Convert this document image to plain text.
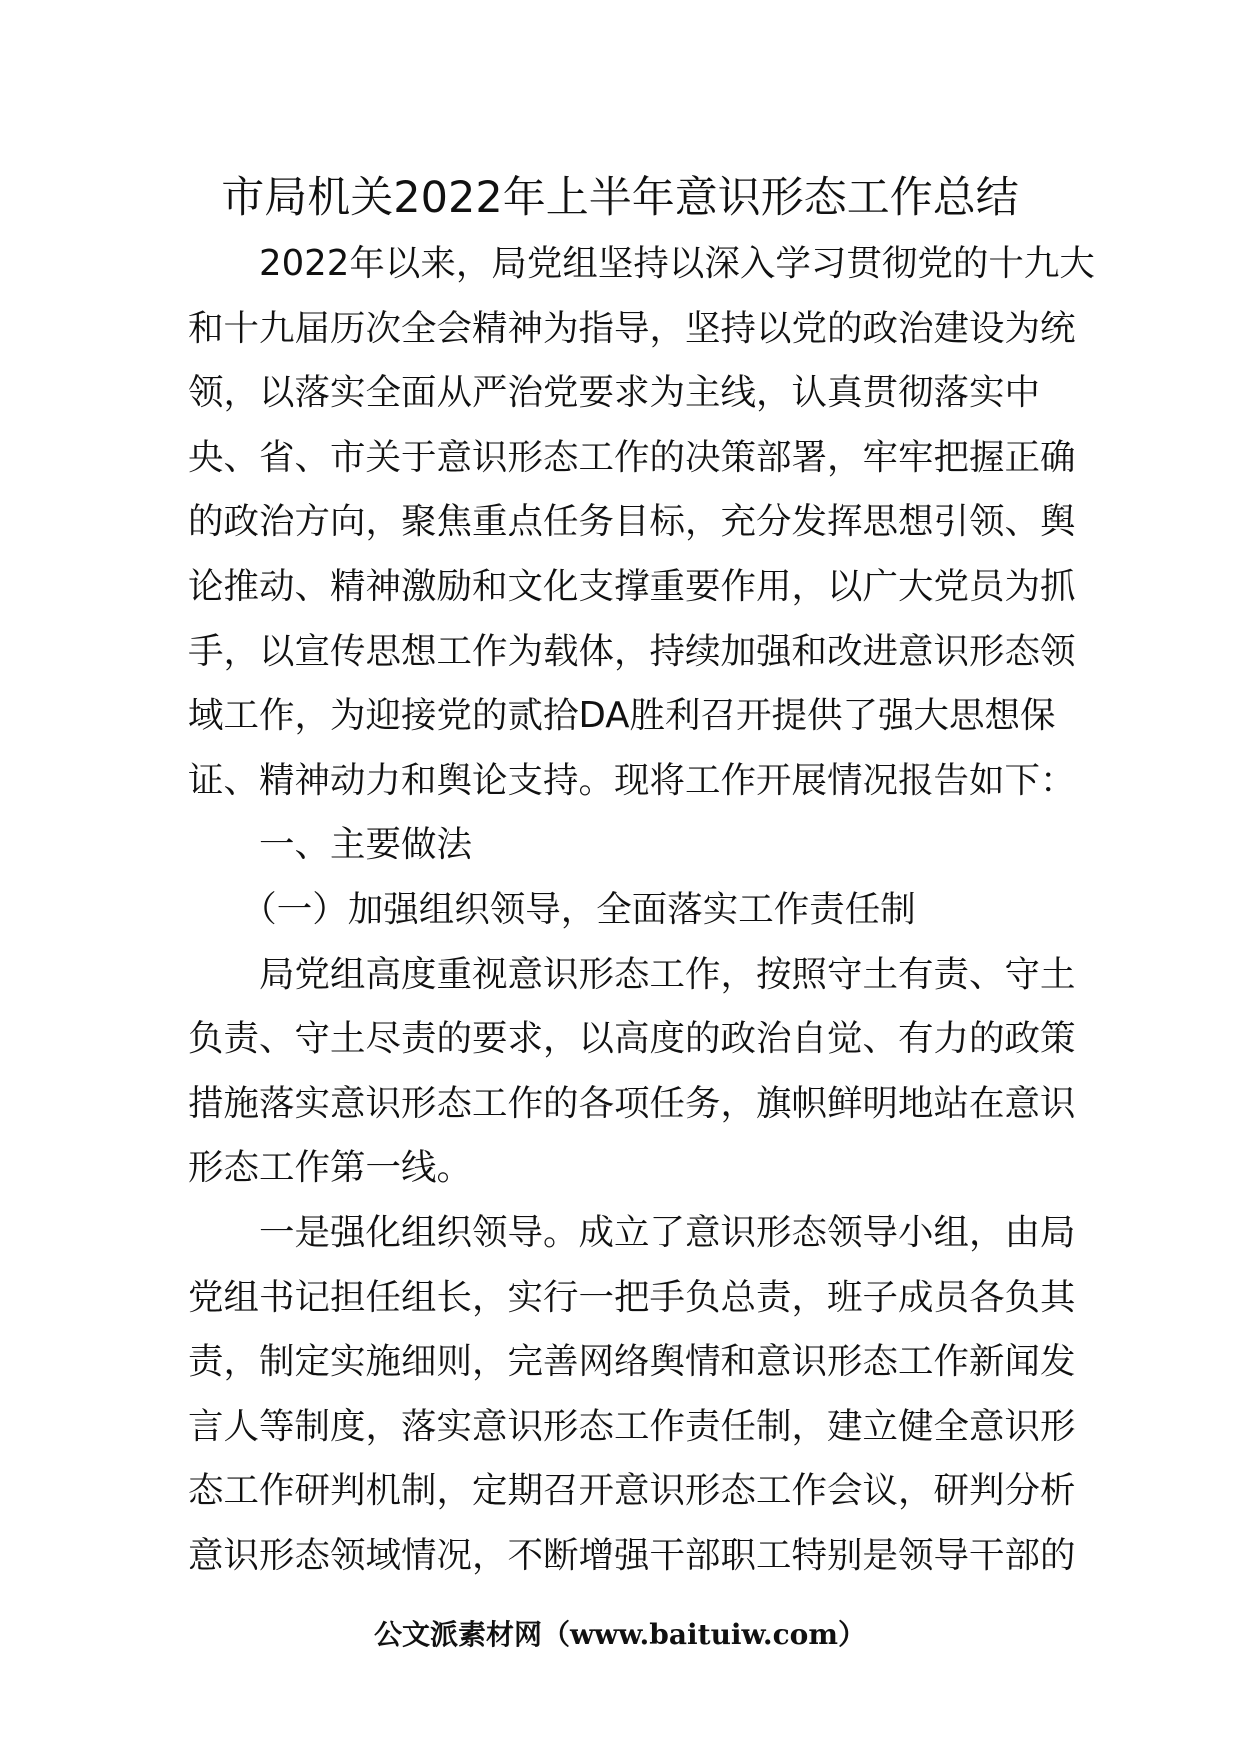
市局机关2022年上半年意识形态工作总结
　　2022年以来，局党组坚持以深入学习贯彻党的十九大
和十九届历次全会精神为指导，坚持以党的政治建设为统
领，以落实全面从严治党要求为主线，认真贯彻落实中
央、省、市关于意识形态工作的决策部署，牢牢把握正确
的政治方向，聚焦重点任务目标，充分发挥思想引领、舆
论推动、精神激励和文化支撑重要作用，以广大党员为抓
手，以宣传思想工作为载体，持续加强和改进意识形态领
域工作，为迎接党的贰拾DA胜利召开提供了强大思想保
证、精神动力和舆论支持。现将工作开展情况报告如下：
　　一、主要做法
　　（一）加强组织领导，全面落实工作责任制
　　局党组高度重视意识形态工作，按照守土有责、守土
负责、守土尽责的要求，以高度的政治自觉、有力的政策
措施落实意识形态工作的各项任务，旗帜鲜明地站在意识
形态工作第一线。
　　一是强化组织领导。成立了意识形态领导小组，由局
党组书记担任组长，实行一把手负总责，班子成员各负其
责，制定实施细则，完善网络舆情和意识形态工作新闻发
言人等制度，落实意识形态工作责任制，建立健全意识形
态工作研判机制，定期召开意识形态工作会议，研判分析
意识形态领域情况，不断增强干部职工特别是领导干部的
公文派素材网（www.baituiw.com）
